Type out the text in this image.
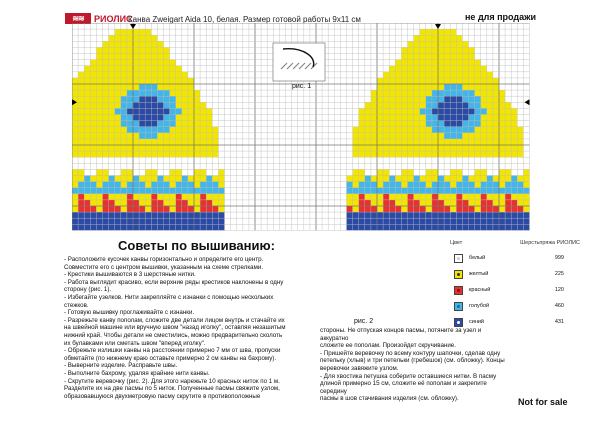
≋≋	РИОЛИС
Канва Zweigart Aida 10, белая. Размер готовой работы 9х11 см	не для продажи
рис. 1
рис. 2
Советы по вышиванию:

- Расположите кусочек канвы горизонтально и определите его центр.

Совместите его с центром вышивки, указанным на схеме стрелками.

- Крестики вышиваются в 3 шерстяные нитки.

- Работа выглядит красиво, если верхние ряды крестиков наклонены в одну

сторону (рис. 1).

- Избегайте узелков. Нити закрепляйте с изнанки с помощью нескольких

стежков.

- Готовую вышивку проглаживайте с изнанки.

- Разрежьте канву пополам, сложите две детали лицом внутрь и стачайте их

на швейной машине или вручную швом "назад иголку", оставляя незашитым

нижний край. Чтобы детали не сместились, можно предварительно сколоть

их булавками или сметать швом "вперед иголку".

- Обрежьте излишки канвы на расстоянии примерно 7 мм от шва, пропуски

обметайте (по нижнему краю оставьте примерно 2 см канвы на бахрому).

- Выверните изделие. Расправьте швы.

- Выполните бахрому, удаляя крайние нити канвы.

- Скрутите веревочку (рис. 2). Для этого нарежьте 10 красных ниток по 1 м.

Разделите их на две пасмы по 5 ниток. Полученные пасмы свяжите узлом,

образовавшуюся двухметровую пасму скрутите в противоположные

стороны. Не отпуская концов пасмы, потяните за узел и аккуратно

сложите ее пополам. Произойдет скручивание.

- Пришейте веревочку по всему контуру шапочки, сделав одну

петельку (хлыв) и три петельки (гребешок) (см. обложку). Концы

веревочки завяжите узлом.

- Для хвостика петушка соберите оставшиеся нитки. В пасму

длиной примерно 15 см, сложите её пополам и закрепите середину

пасмы в шов стачивания изделия (см. обложку).

Цвет	Шерстьпряжа РИОЛИС
белый	999
желтый	225
красный	120
голубой	460
синий	431
Not for sale
